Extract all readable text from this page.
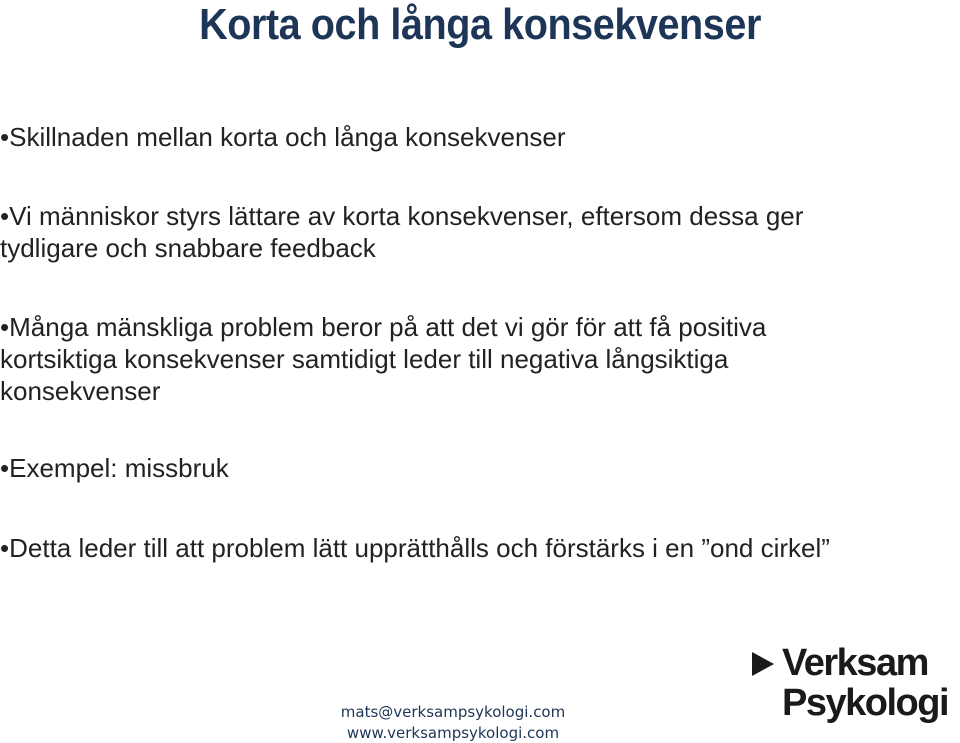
Korta och långa konsekvenser
•Skillnaden mellan korta och långa konsekvenser
•Vi människor styrs lättare av korta konsekvenser, eftersom dessa ger tydligare och snabbare feedback
•Många mänskliga problem beror på att det vi gör för att få positiva kortsiktiga konsekvenser samtidigt leder till negativa långsiktiga konsekvenser
•Exempel: missbruk
•Detta leder till att problem lätt upprätthålls och förstärks i en ”ond cirkel”
mats@verksampsykologi.com
www.verksampsykologi.com
Verksam
Psykologi
